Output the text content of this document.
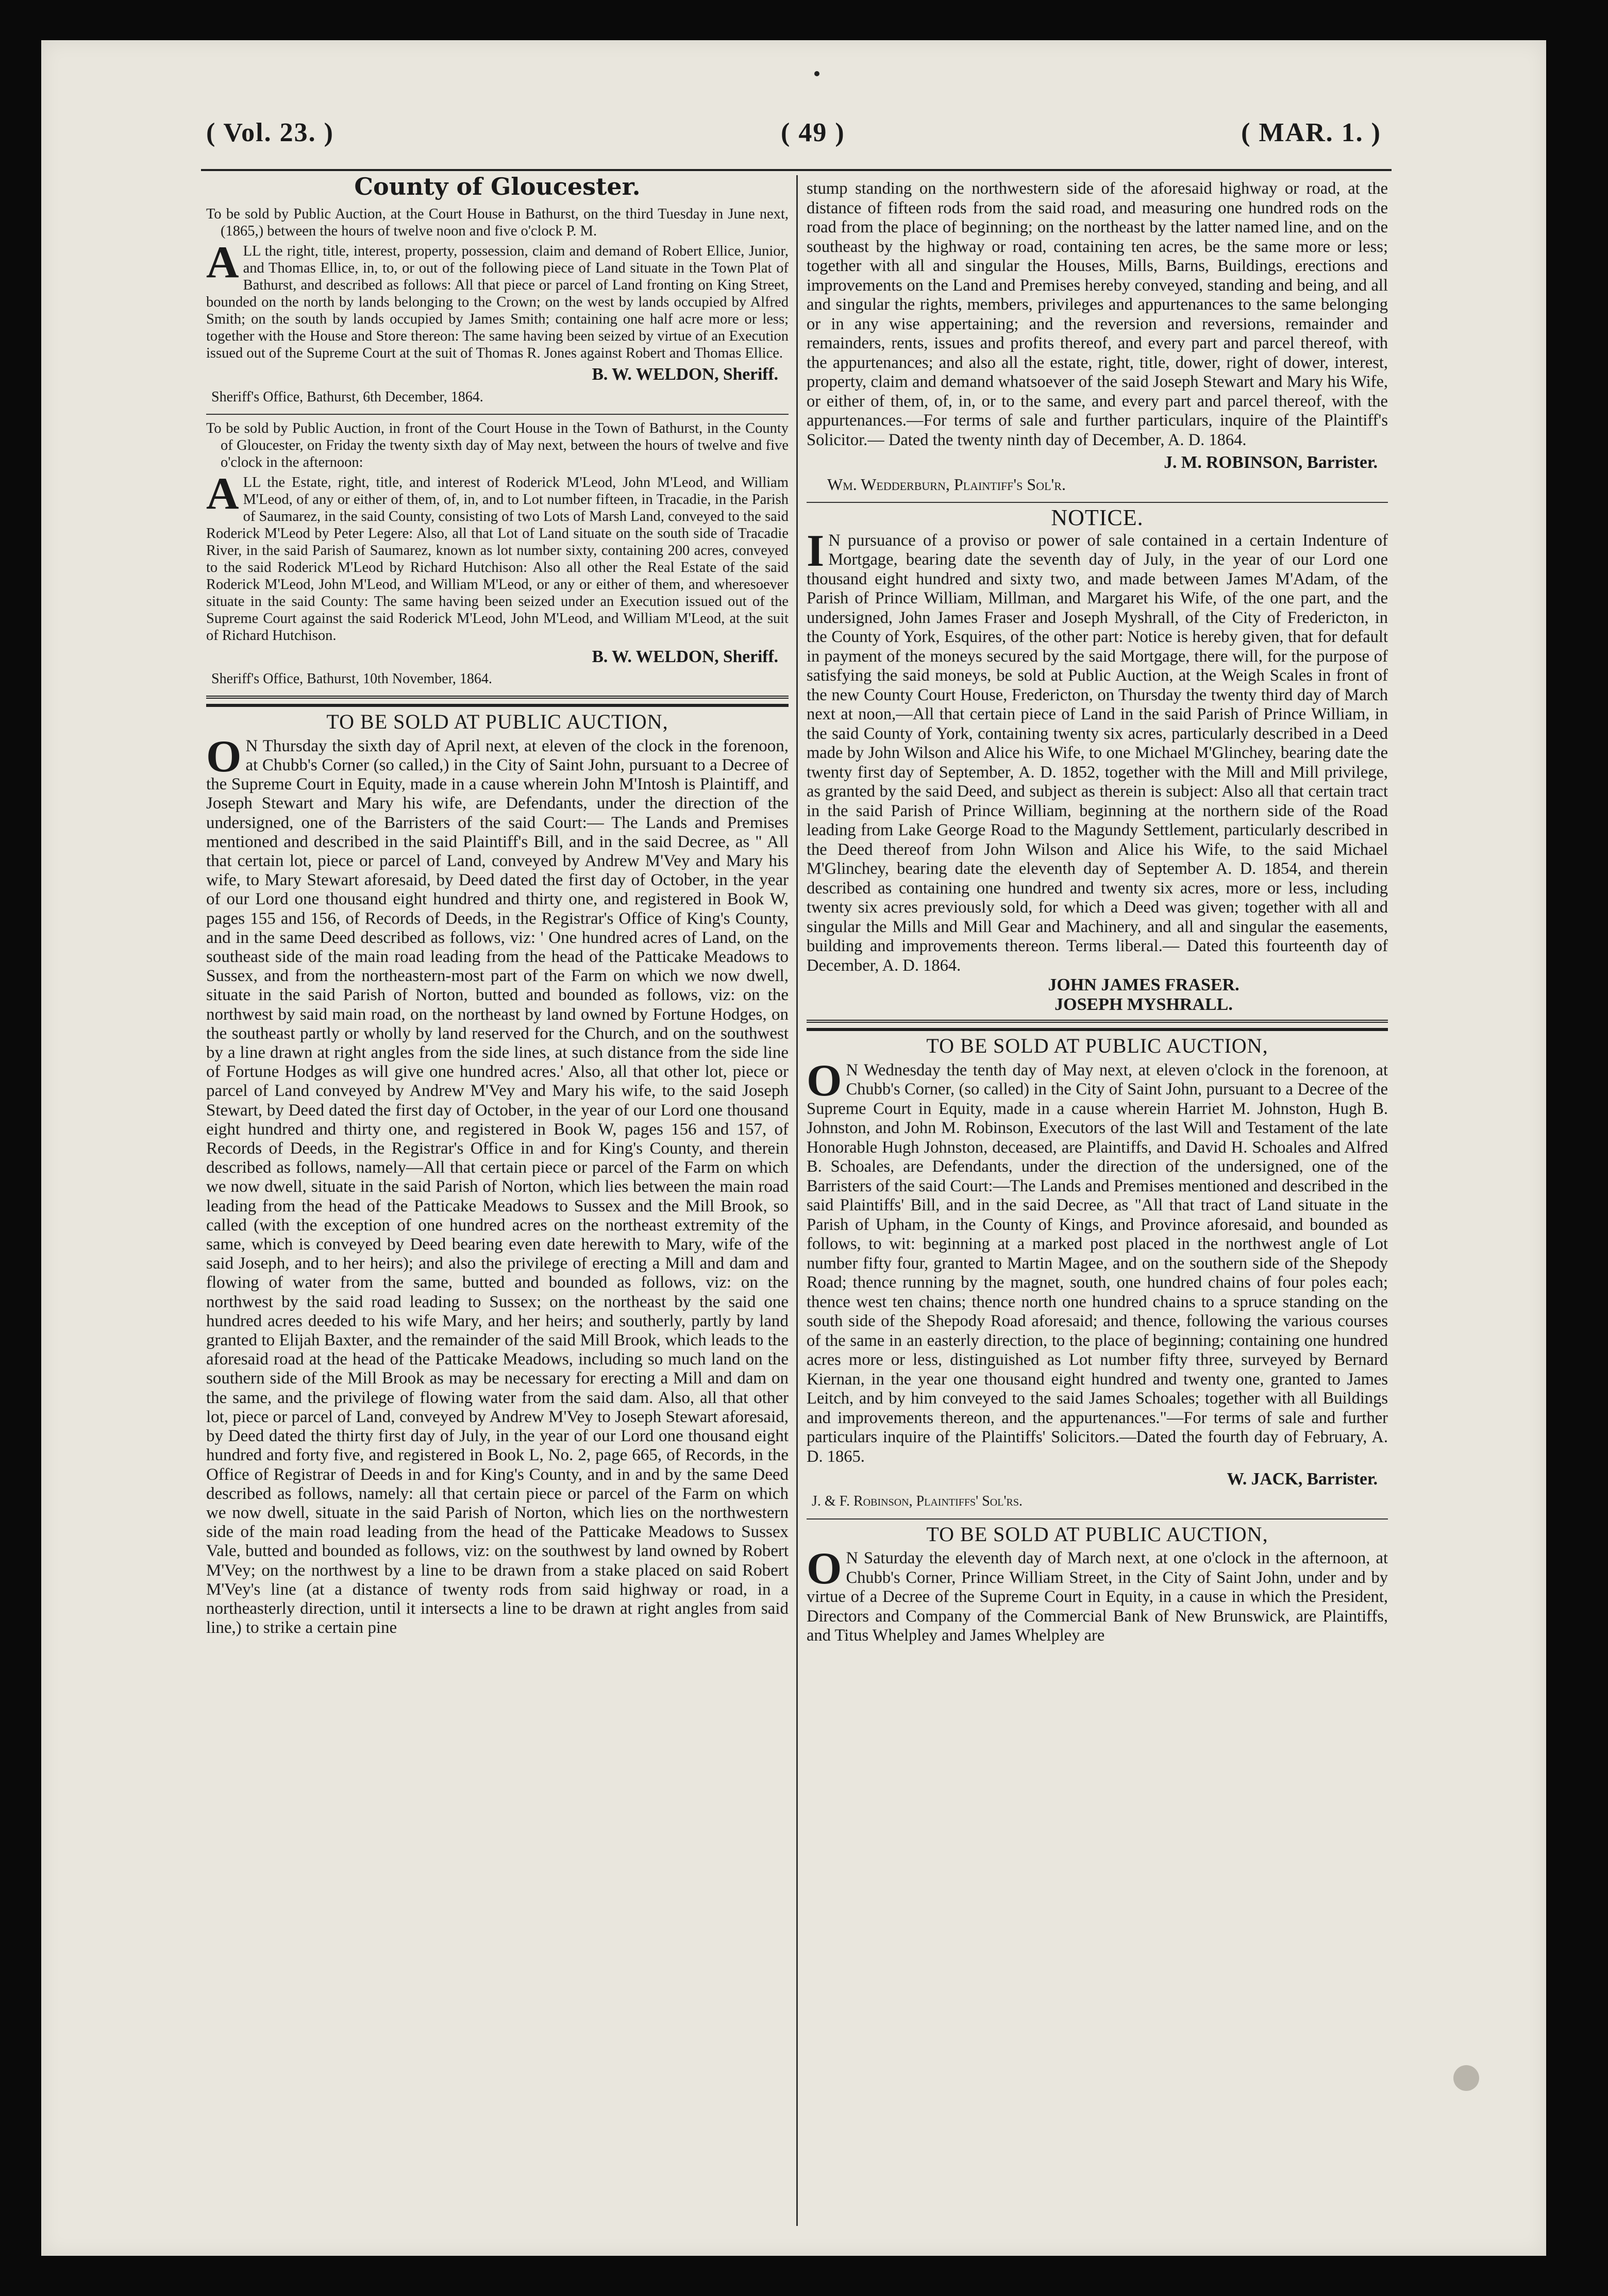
( Vol. 23. )	( 49 )	( MAR. 1. )
County of Gloucester.

To be sold by Public Auction, at the Court House in Bathurst, on the third Tuesday in June next, (1865,) between the hours of twelve noon and five o'clock P. M.

ALL the right, title, interest, property, possession, claim and demand of Robert Ellice, Junior, and Thomas Ellice, in, to, or out of the following piece of Land situate in the Town Plat of Bathurst, and described as follows: All that piece or parcel of Land fronting on King Street, bounded on the north by lands belonging to the Crown; on the west by lands occupied by Alfred Smith; on the south by lands occupied by James Smith; containing one half acre more or less; together with the House and Store thereon: The same having been seized by virtue of an Execution issued out of the Supreme Court at the suit of Thomas R. Jones against Robert and Thomas Ellice.

B. W. WELDON, Sheriff.
Sheriff's Office, Bathurst, 6th December, 1864.

To be sold by Public Auction, in front of the Court House in the Town of Bathurst, in the County of Gloucester, on Friday the twenty sixth day of May next, between the hours of twelve and five o'clock in the afternoon:

ALL the Estate, right, title, and interest of Roderick M'Leod, John M'Leod, and William M'Leod, of any or either of them, of, in, and to Lot number fifteen, in Tracadie, in the Parish of Saumarez, in the said County, consisting of two Lots of Marsh Land, conveyed to the said Roderick M'Leod by Peter Legere: Also, all that Lot of Land situate on the south side of Tracadie River, in the said Parish of Saumarez, known as lot number sixty, containing 200 acres, conveyed to the said Roderick M'Leod by Richard Hutchison: Also all other the Real Estate of the said Roderick M'Leod, John M'Leod, and William M'Leod, or any or either of them, and wheresoever situate in the said County: The same having been seized under an Execution issued out of the Supreme Court against the said Roderick M'Leod, John M'Leod, and William M'Leod, at the suit of Richard Hutchison.

B. W. WELDON, Sheriff.
Sheriff's Office, Bathurst, 10th November, 1864.
TO BE SOLD AT PUBLIC AUCTION,

O N Thursday the sixth day of April next, at eleven of the clock in the forenoon, at Chubb's Corner (so called,) in the City of Saint John, pursuant to a Decree of the Supreme Court in Equity, made in a cause wherein John M'Intosh is Plaintiff, and Joseph Stewart and Mary his wife, are Defendants, under the direction of the undersigned, one of the Barristers of the said Court:— The Lands and Premises mentioned and described in the said Plaintiff's Bill, and in the said Decree, as " All that certain lot, piece or parcel of Land, conveyed by Andrew M'Vey and Mary his wife, to Mary Stewart aforesaid, by Deed dated the first day of October, in the year of our Lord one thousand eight hundred and thirty one, and registered in Book W, pages 155 and 156, of Records of Deeds, in the Registrar's Office of King's County, and in the same Deed described as follows, viz: ' One hundred acres of Land, on the southeast side of the main road leading from the head of the Patticake Meadows to Sussex, and from the northeastern-most part of the Farm on which we now dwell, situate in the said Parish of Norton, butted and bounded as follows, viz: on the northwest by said main road, on the northeast by land owned by Fortune Hodges, on the southeast partly or wholly by land reserved for the Church, and on the southwest by a line drawn at right angles from the side lines, at such distance from the side line of Fortune Hodges as will give one hundred acres.' Also, all that other lot, piece or parcel of Land conveyed by Andrew M'Vey and Mary his wife, to the said Joseph Stewart, by Deed dated the first day of October, in the year of our Lord one thousand eight hundred and thirty one, and registered in Book W, pages 156 and 157, of Records of Deeds, in the Registrar's Office in and for King's County, and therein described as follows, namely—All that certain piece or parcel of the Farm on which we now dwell, situate in the said Parish of Norton, which lies between the main road leading from the head of the Patticake Meadows to Sussex and the Mill Brook, so called (with the exception of one hundred acres on the northeast extremity of the same, which is conveyed by Deed bearing even date herewith to Mary, wife of the said Joseph, and to her heirs); and also the privilege of erecting a Mill and dam and flowing of water from the same, butted and bounded as follows, viz: on the northwest by the said road leading to Sussex; on the northeast by the said one hundred acres deeded to his wife Mary, and her heirs; and southerly, partly by land granted to Elijah Baxter, and the remainder of the said Mill Brook, which leads to the aforesaid road at the head of the Patticake Meadows, including so much land on the southern side of the Mill Brook as may be necessary for erecting a Mill and dam on the same, and the privilege of flowing water from the said dam. Also, all that other lot, piece or parcel of Land, conveyed by Andrew M'Vey to Joseph Stewart aforesaid, by Deed dated the thirty first day of July, in the year of our Lord one thousand eight hundred and forty five, and registered in Book L, No. 2, page 665, of Records, in the Office of Registrar of Deeds in and for King's County, and in and by the same Deed described as follows, namely: all that certain piece or parcel of the Farm on which we now dwell, situate in the said Parish of Norton, which lies on the northwestern side of the main road leading from the head of the Patticake Meadows to Sussex Vale, butted and bounded as follows, viz: on the southwest by land owned by Robert M'Vey; on the northwest by a line to be drawn from a stake placed on said Robert M'Vey's line (at a distance of twenty rods from said highway or road, in a northeasterly direction, until it intersects a line to be drawn at right angles from said line,) to strike a certain pine

stump standing on the northwestern side of the aforesaid highway or road, at the distance of fifteen rods from the said road, and measuring one hundred rods on the road from the place of beginning; on the northeast by the latter named line, and on the southeast by the highway or road, containing ten acres, be the same more or less; together with all and singular the Houses, Mills, Barns, Buildings, erections and improvements on the Land and Premises hereby conveyed, standing and being, and all and singular the rights, members, privileges and appurtenances to the same belonging or in any wise appertaining; and the reversion and reversions, remainder and remainders, rents, issues and profits thereof, and every part and parcel thereof, with the appurtenances; and also all the estate, right, title, dower, right of dower, interest, property, claim and demand whatsoever of the said Joseph Stewart and Mary his Wife, or either of them, of, in, or to the same, and every part and parcel thereof, with the appurtenances.—For terms of sale and further particulars, inquire of the Plaintiff's Solicitor.— Dated the twenty ninth day of December, A. D. 1864.

J. M. ROBINSON, Barrister.
Wm. Wedderburn, Plaintiff's Sol'r.
NOTICE.

I N pursuance of a proviso or power of sale contained in a certain Indenture of Mortgage, bearing date the seventh day of July, in the year of our Lord one thousand eight hundred and sixty two, and made between James M'Adam, of the Parish of Prince William, Millman, and Margaret his Wife, of the one part, and the undersigned, John James Fraser and Joseph Myshrall, of the City of Fredericton, in the County of York, Esquires, of the other part: Notice is hereby given, that for default in payment of the moneys secured by the said Mortgage, there will, for the purpose of satisfying the said moneys, be sold at Public Auction, at the Weigh Scales in front of the new County Court House, Fredericton, on Thursday the twenty third day of March next at noon,—All that certain piece of Land in the said Parish of Prince William, in the said County of York, containing twenty six acres, particularly described in a Deed made by John Wilson and Alice his Wife, to one Michael M'Glinchey, bearing date the twenty first day of September, A. D. 1852, together with the Mill and Mill privilege, as granted by the said Deed, and subject as therein is subject: Also all that certain tract in the said Parish of Prince William, beginning at the northern side of the Road leading from Lake George Road to the Magundy Settlement, particularly described in the Deed thereof from John Wilson and Alice his Wife, to the said Michael M'Glinchey, bearing date the eleventh day of September A. D. 1854, and therein described as containing one hundred and twenty six acres, more or less, including twenty six acres previously sold, for which a Deed was given; together with all and singular the Mills and Mill Gear and Machinery, and all and singular the easements, building and improvements thereon. Terms liberal.— Dated this fourteenth day of December, A. D. 1864.

JOHN JAMES FRASER.
JOSEPH MYSHRALL.
TO BE SOLD AT PUBLIC AUCTION,

O N Wednesday the tenth day of May next, at eleven o'clock in the forenoon, at Chubb's Corner, (so called) in the City of Saint John, pursuant to a Decree of the Supreme Court in Equity, made in a cause wherein Harriet M. Johnston, Hugh B. Johnston, and John M. Robinson, Executors of the last Will and Testament of the late Honorable Hugh Johnston, deceased, are Plaintiffs, and David H. Schoales and Alfred B. Schoales, are Defendants, under the direction of the undersigned, one of the Barristers of the said Court:—The Lands and Premises mentioned and described in the said Plaintiffs' Bill, and in the said Decree, as "All that tract of Land situate in the Parish of Upham, in the County of Kings, and Province aforesaid, and bounded as follows, to wit: beginning at a marked post placed in the northwest angle of Lot number fifty four, granted to Martin Magee, and on the southern side of the Shepody Road; thence running by the magnet, south, one hundred chains of four poles each; thence west ten chains; thence north one hundred chains to a spruce standing on the south side of the Shepody Road aforesaid; and thence, following the various courses of the same in an easterly direction, to the place of beginning; containing one hundred acres more or less, distinguished as Lot number fifty three, surveyed by Bernard Kiernan, in the year one thousand eight hundred and twenty one, granted to James Leitch, and by him conveyed to the said James Schoales; together with all Buildings and improvements thereon, and the appurtenances."—For terms of sale and further particulars inquire of the Plaintiffs' Solicitors.—Dated the fourth day of February, A. D. 1865.

W. JACK, Barrister.
J. & F. Robinson, Plaintiffs' Sol'rs.
TO BE SOLD AT PUBLIC AUCTION,

O N Saturday the eleventh day of March next, at one o'clock in the afternoon, at Chubb's Corner, Prince William Street, in the City of Saint John, under and by virtue of a Decree of the Supreme Court in Equity, in a cause in which the President, Directors and Company of the Commercial Bank of New Brunswick, are Plaintiffs, and Titus Whelpley and James Whelpley are
